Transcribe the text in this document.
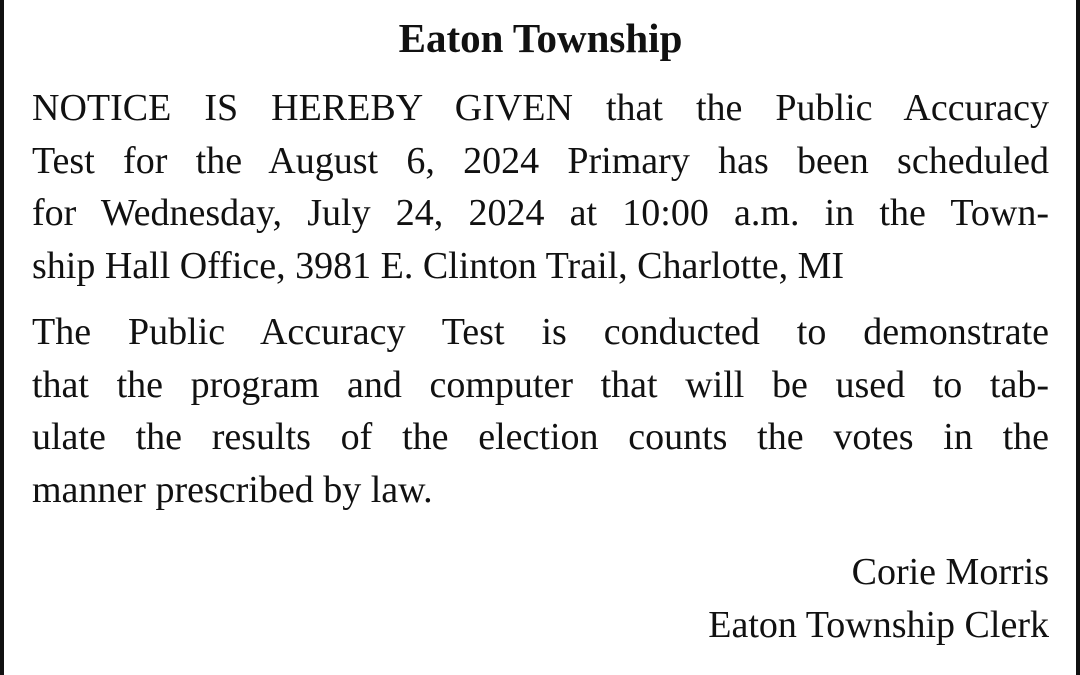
Eaton Township

NOTICE IS HEREBY GIVEN that the Public Accuracy
Test for the August 6, 2024 Primary has been scheduled
for Wednesday, July 24, 2024 at 10:00 a.m. in the Town-
ship Hall Office, 3981 E. Clinton Trail, Charlotte, MI

The Public Accuracy Test is conducted to demonstrate
that the program and computer that will be used to tab-
ulate the results of the election counts the votes in the
manner prescribed by law.

Corie Morris
Eaton Township Clerk
